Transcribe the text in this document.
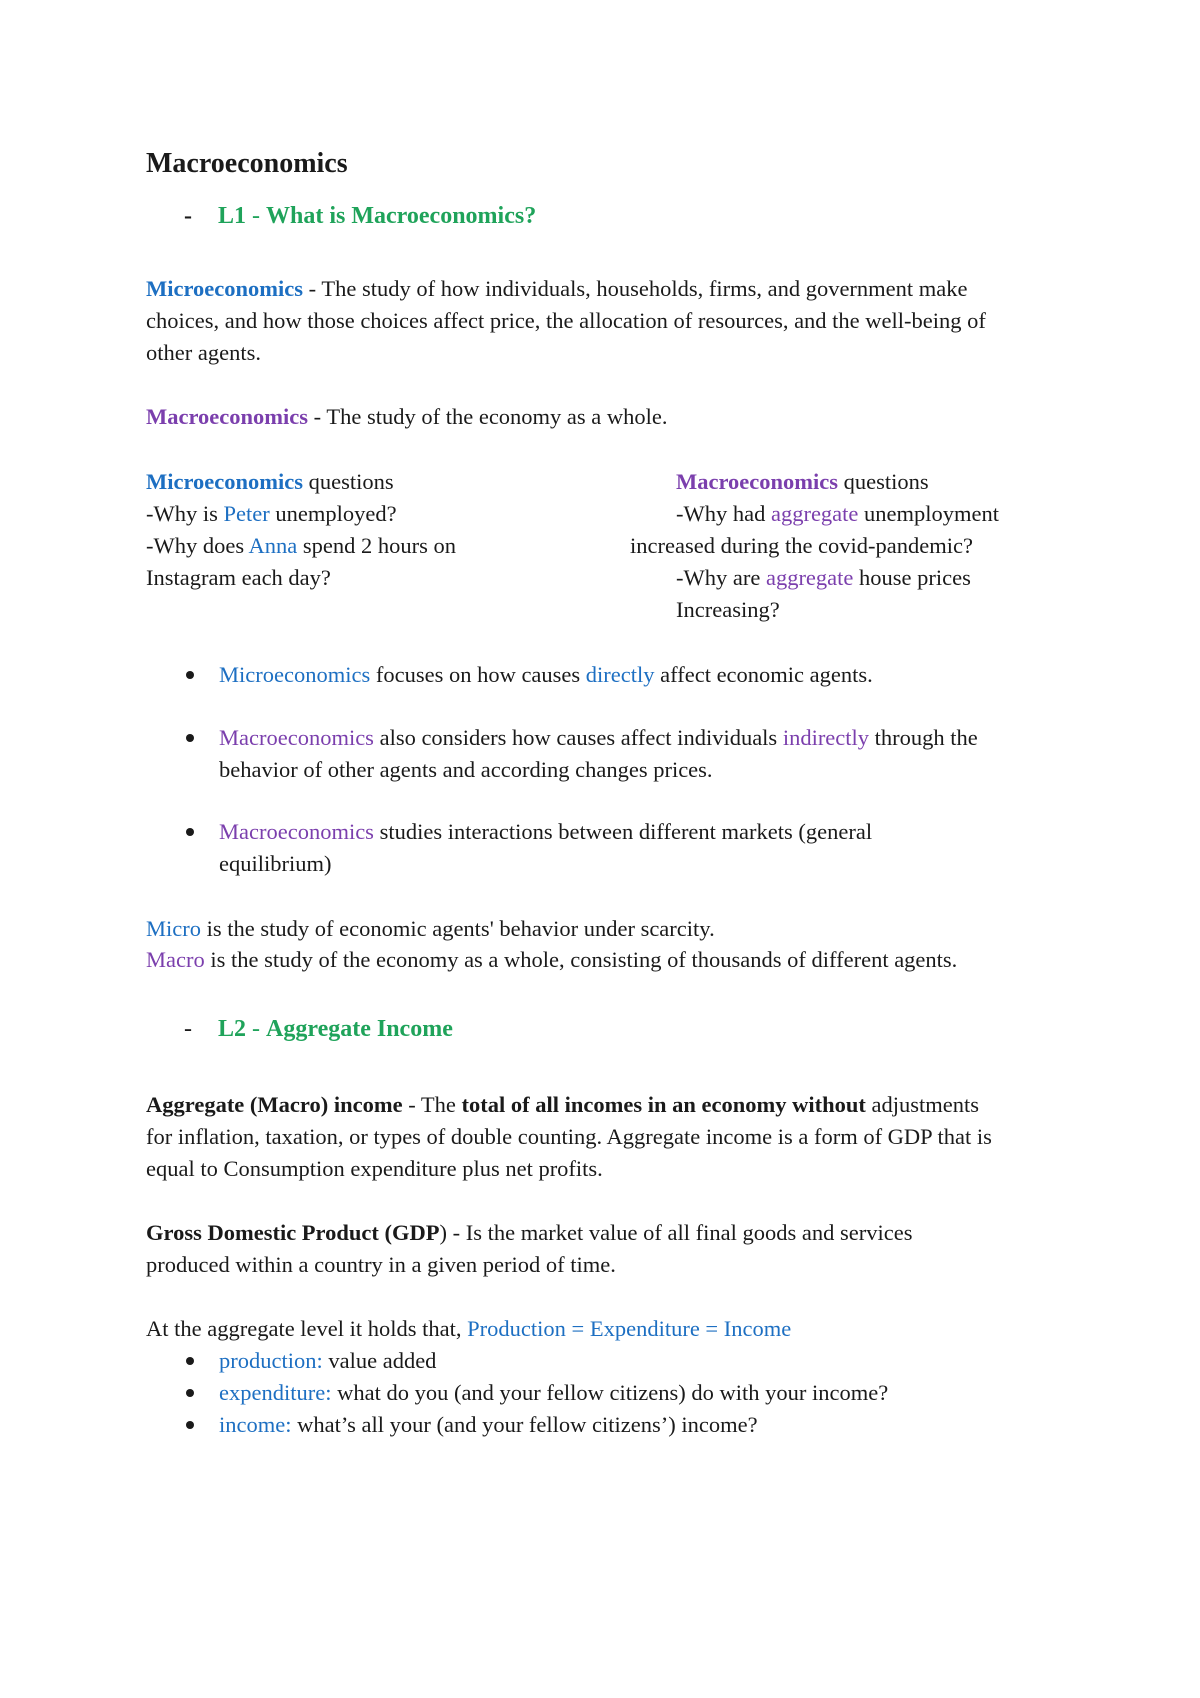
Macroeconomics
- L1 - What is Macroeconomics?

Microeconomics - The study of how individuals, households, firms, and government make

choices, and how those choices affect price, the allocation of resources, and the well-being of

other agents.

Macroeconomics - The study of the economy as a whole.

Microeconomics questions

-Why is Peter unemployed?

-Why does Anna spend 2 hours on

Instagram each day?

Macroeconomics questions

-Why had aggregate unemployment

increased during the covid-pandemic?

-Why are aggregate house prices

Increasing?

Microeconomics focuses on how causes directly affect economic agents.

Macroeconomics also considers how causes affect individuals indirectly through the

behavior of other agents and according changes prices.

Macroeconomics studies interactions between different markets (general

equilibrium)

Micro is the study of economic agents' behavior under scarcity.

Macro is the study of the economy as a whole, consisting of thousands of different agents.

- L2 - Aggregate Income

Aggregate (Macro) income - The total of all incomes in an economy without adjustments

for inflation, taxation, or types of double counting. Aggregate income is a form of GDP that is

equal to Consumption expenditure plus net profits.

Gross Domestic Product (GDP) - Is the market value of all final goods and services

produced within a country in a given period of time.

At the aggregate level it holds that, Production = Expenditure = Income

production: value added

expenditure: what do you (and your fellow citizens) do with your income?

income: what’s all your (and your fellow citizens’) income?
